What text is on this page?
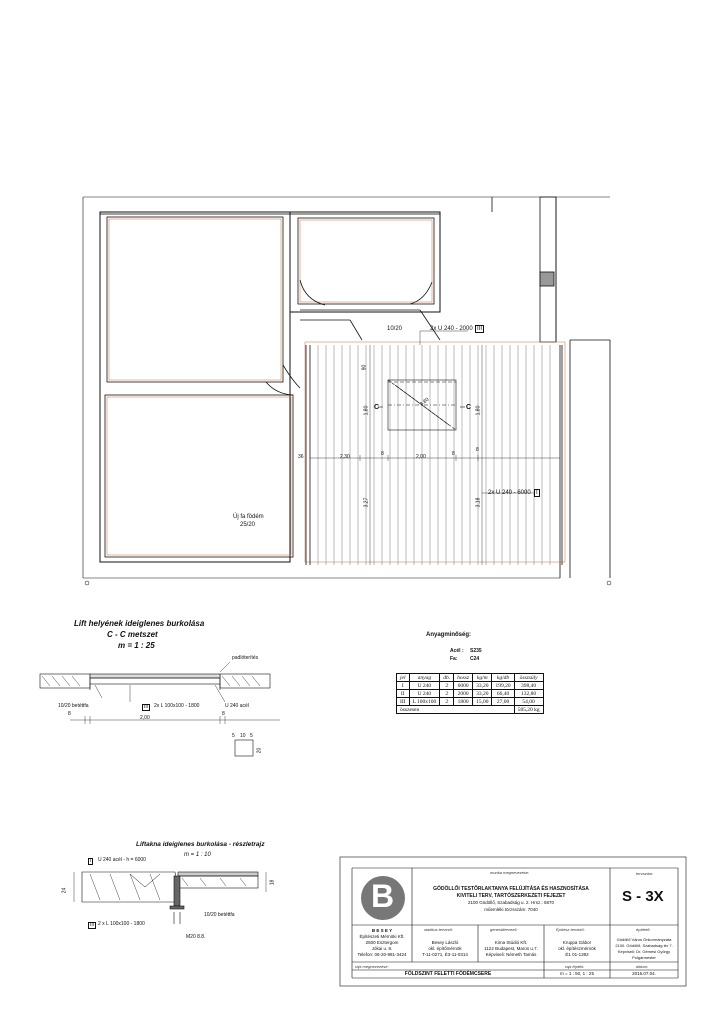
10/20	2x U 240 - 2000 III
2x U 240 - 6000 I
C	C
Új fa födém
25/20
36	2,30	8	2,00	8
1,80	1,80
90
3,27	3,18
8
3,80
Lift helyének ideiglenes burkolása
C - C metszet
m = 1 : 25
padlóterítés
10/20 betéttfa	III	2x L 100x100 - 1800	U 240 acél
8
2,00
8
5 10 5
20
Anyagminőség:
Acél : S235
Fa:	C24
jel	anyag	db.	hossz	kg/m	kg/db	összsúly
I	U 240	2	6000	33,20	199,20	398,40
II	U 240	2	2000	33,20	66,40	132,80
III	L 100x100	2	1800	15,00	27,00	54,00
összesen						585,20 kg
Liftakna ideiglenes burkolása - részletrajz
m = 1 : 10
I	U 240 acél - h = 6000
24
18
III 2 x L 100x100 - 1800
10/20 betéttfa
M20 8.8.
B
munka megnevezése:
GÖDÖLLŐI TESTŐRLAKTANYA FELÚJÍTÁSA ÉS HASZNOSÍTÁSA
KIVITELI TERV, TARTÓSZERKEZETI FEJEZET
2100 Gödöllő, Szabadság u. 2. Hrsz.: 5870
műemléki törzsszám: 7040
tervszám:
S - 3X
B E S E Y
Építészeti Mérnöki Kft.
2500 Esztergom
Jókai u. 8.
Telefon: 06-20-981-3424
statikus tervező:
Besey László
okl. építőmérnök
T-11-0271, É3-11-0314
generáltervező:
Kima Stúdió Kft.
1122 Budapest, Maros u.7.
Képviseli: Németh Tamás
Építész tervező:
Kruppa Gábor
okl. építészmérnök
É1 01-1392
építtető:
Gödöllő Város Önkormányzata
2100. Gödöllő, Szabadság tér 7.
Képviseli: Dr. Gémesi György
Polgármester
rajz megnevezése:
FÖLDSZINT FELETTI FÖDÉMCSERE
rajz lépték:
m = 1 : 50, 1 : 25
dátum:
2016.07.04.
